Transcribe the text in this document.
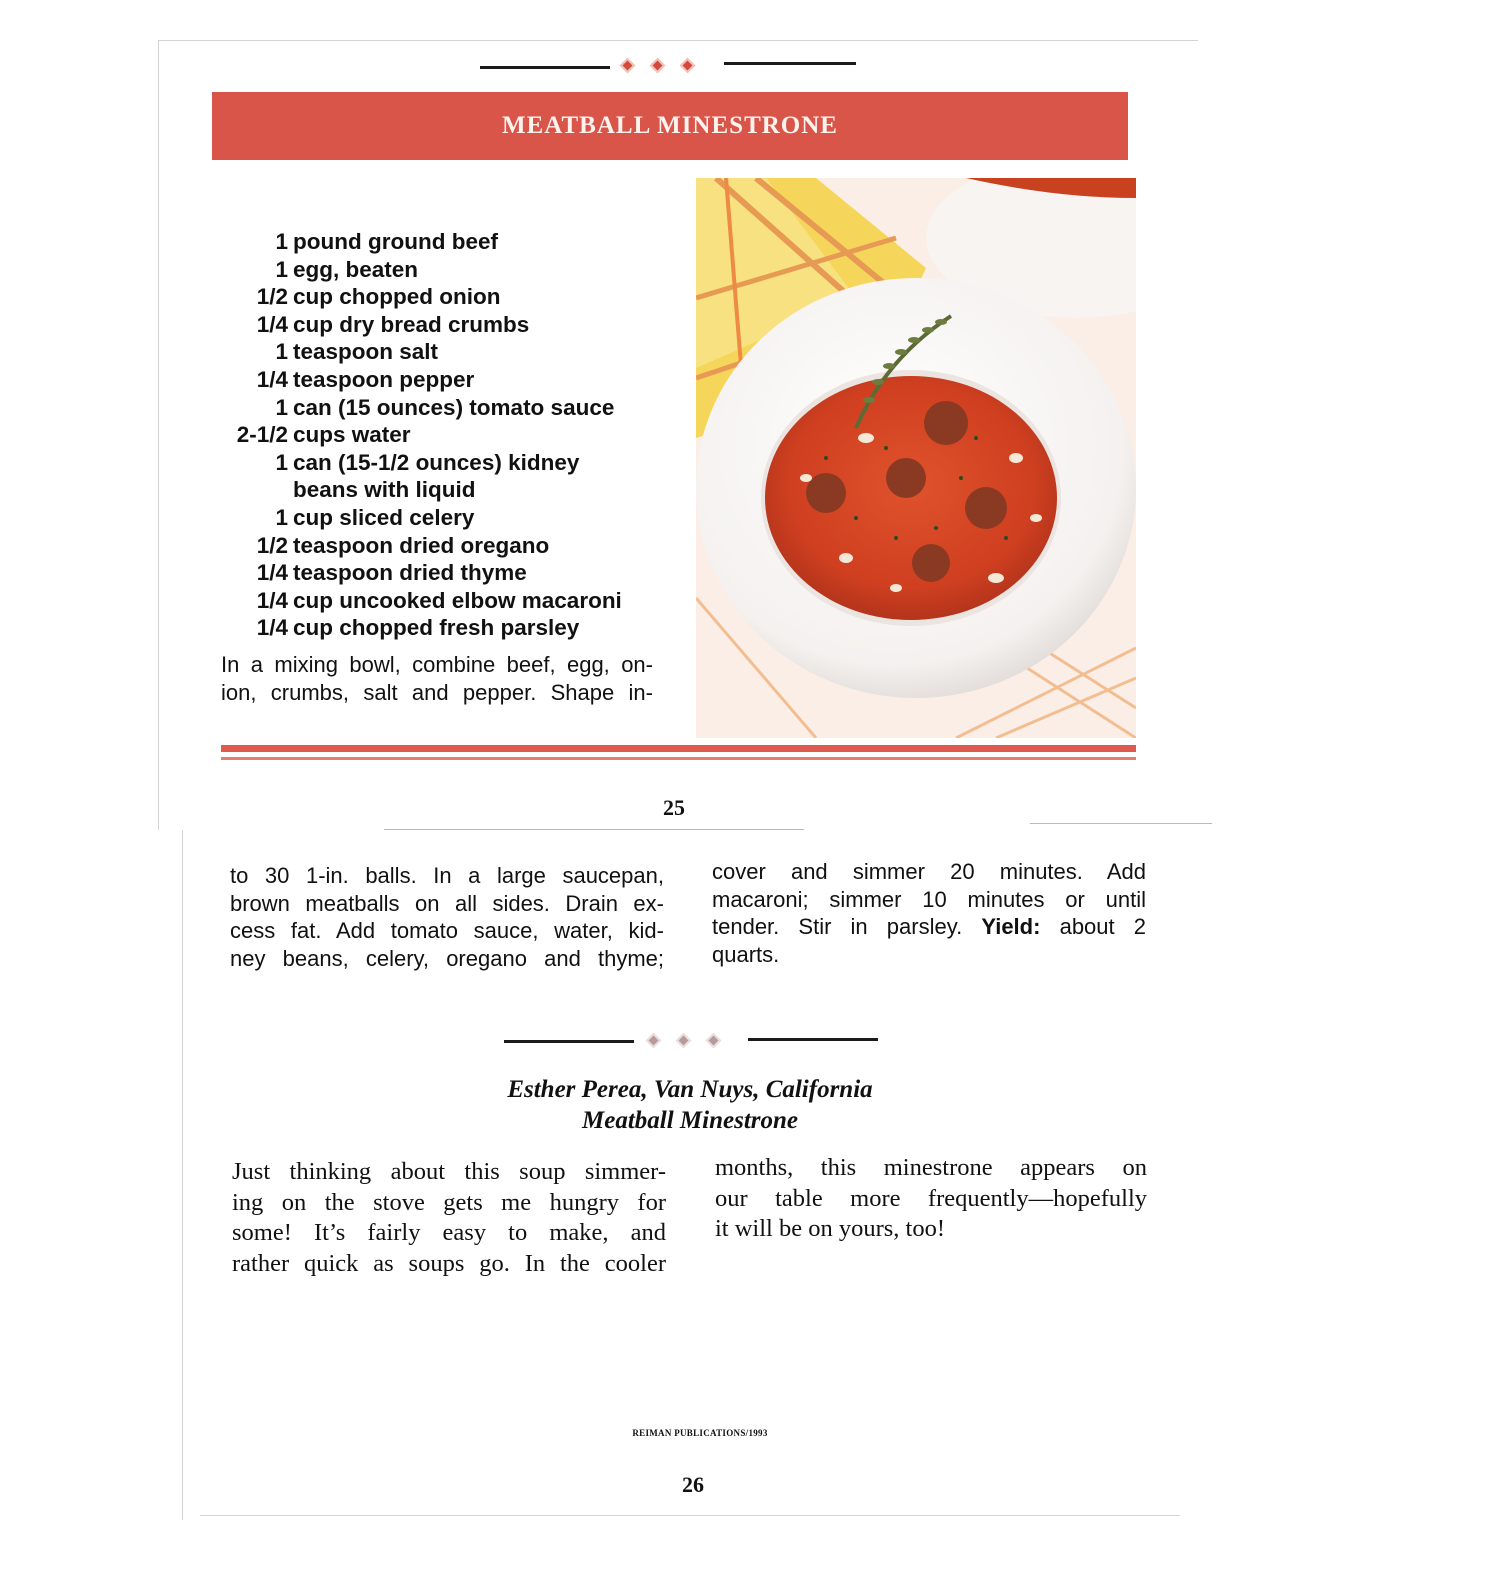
MEATBALL MINESTRONE
1 pound ground beef
1 egg, beaten
1/2 cup chopped onion
1/4 cup dry bread crumbs
1 teaspoon salt
1/4 teaspoon pepper
1 can (15 ounces) tomato sauce
2-1/2 cups water
1 can (15-1/2 ounces) kidney
beans with liquid
1 cup sliced celery
1/2 teaspoon dried oregano
1/4 teaspoon dried thyme
1/4 cup uncooked elbow macaroni
1/4 cup chopped fresh parsley
In a mixing bowl, combine beef, egg, on-
ion, crumbs, salt and pepper. Shape in-
25
to 30 1-in. balls. In a large saucepan,
brown meatballs on all sides. Drain ex-
cess fat. Add tomato sauce, water, kid-
ney beans, celery, oregano and thyme;
cover and simmer 20 minutes. Add
macaroni; simmer 10 minutes or until
tender. Stir in parsley. Yield: about 2
quarts.
Esther Perea, Van Nuys, California
Meatball Minestrone
Just thinking about this soup simmer-
ing on the stove gets me hungry for
some! It’s fairly easy to make, and
rather quick as soups go. In the cooler
months, this minestrone appears on
our table more frequently—hopefully
it will be on yours, too!
REIMAN PUBLICATIONS/1993
26
